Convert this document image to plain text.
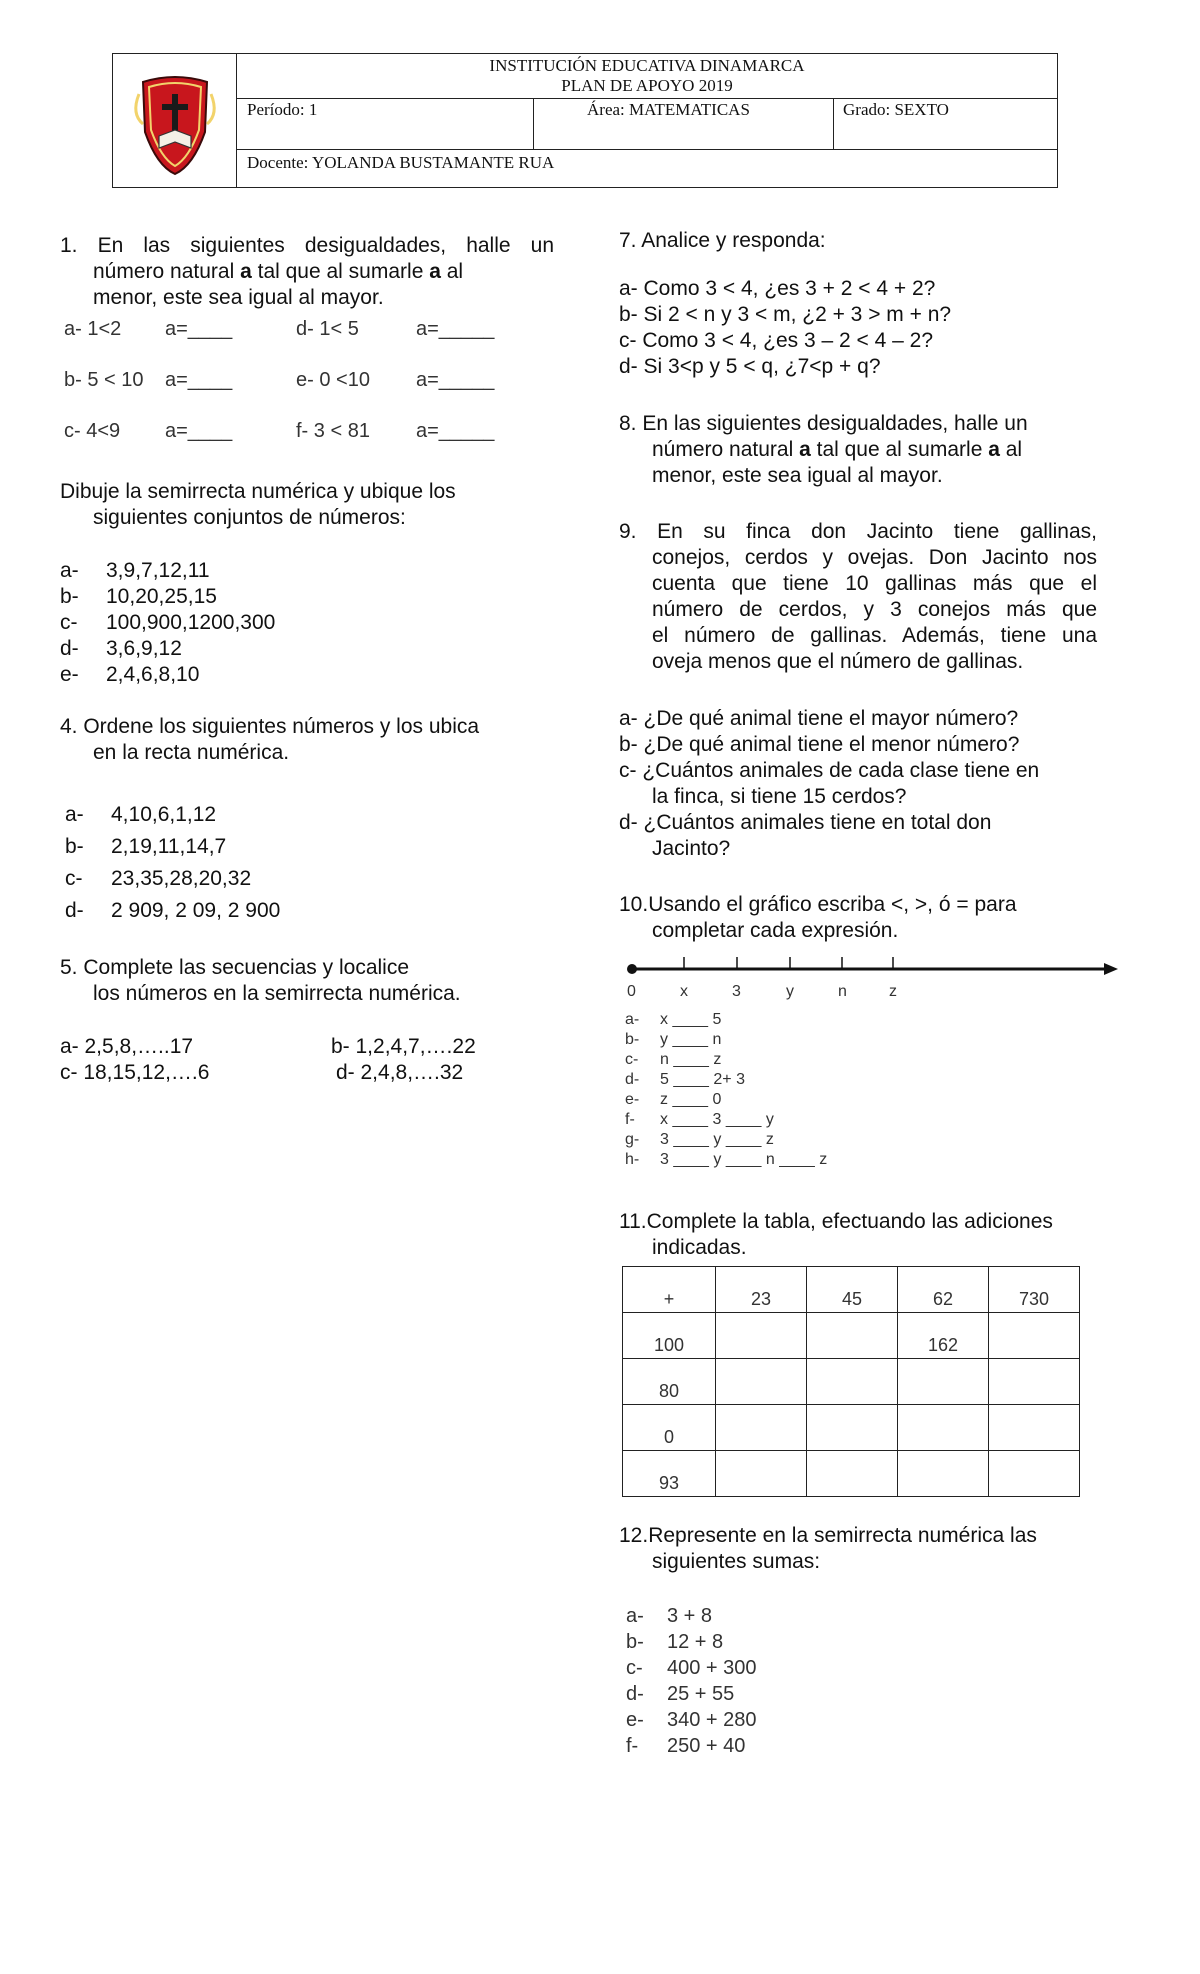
INSTITUCIÓN EDUCATIVA DINAMARCA
PLAN DE APOYO 2019
Período: 1	Área: MATEMATICAS	Grado: SEXTO
Docente: YOLANDA BUSTAMANTE RUA
1. En las siguientes desigualdades, halle un
número natural a tal que al sumarle a al
menor, este sea igual al mayor.
a- 1<2 a=____	d- 1< 5	a=_____
b- 5 < 10 a=____	e- 0 <10 a=_____
c- 4<9 a=____	f- 3 < 81 a=_____
Dibuje la semirrecta numérica y ubique los
siguientes conjuntos de números:
a- 3,9,7,12,11
b- 10,20,25,15
c- 100,900,1200,300
d- 3,6,9,12
e- 2,4,6,8,10
4. Ordene los siguientes números y los ubica
en la recta numérica.
a- 4,10,6,1,12
b- 2,19,11,14,7
c- 23,35,28,20,32
d- 2 909, 2 09, 2 900
5. Complete las secuencias y localice
los números en la semirrecta numérica.
a- 2,5,8,…..17	b- 1,2,4,7,….22
c- 18,15,12,….6	d- 2,4,8,….32
7. Analice y responda:
a- Como 3 < 4, ¿es 3 + 2 < 4 + 2?
b- Si 2 < n y 3 < m, ¿2 + 3 > m + n?
c- Como 3 < 4, ¿es 3 – 2 < 4 – 2?
d- Si 3<p y 5 < q, ¿7<p + q?
8. En las siguientes desigualdades, halle un
número natural a tal que al sumarle a al
menor, este sea igual al mayor.
9. En su finca don Jacinto tiene gallinas,
conejos, cerdos y ovejas. Don Jacinto nos
cuenta que tiene 10 gallinas más que el
número de cerdos, y 3 conejos más que
el número de gallinas. Además, tiene una
oveja menos que el número de gallinas.
a- ¿De qué animal tiene el mayor número?
b- ¿De qué animal tiene el menor número?
c- ¿Cuántos animales de cada clase tiene en
la finca, si tiene 15 cerdos?
d- ¿Cuántos animales tiene en total don
Jacinto?
10.Usando el gráfico escriba <, >, ó = para
completar cada expresión.
0	x	3	y	n	z
a- x ____ 5
b- y ____ n
c- n ____ z
d- 5 ____ 2+ 3
e- z ____ 0
f- x ____ 3 ____ y
g- 3 ____ y ____ z
h- 3 ____ y ____ n ____ z
11.Complete la tabla, efectuando las adiciones
indicadas.
+	23	45	62	730
100			162	
80				
0				
93				
12.Represente en la semirrecta numérica las
siguientes sumas:
a- 3 + 8
b- 12 + 8
c- 400 + 300
d- 25 + 55
e- 340 + 280
f- 250 + 40
